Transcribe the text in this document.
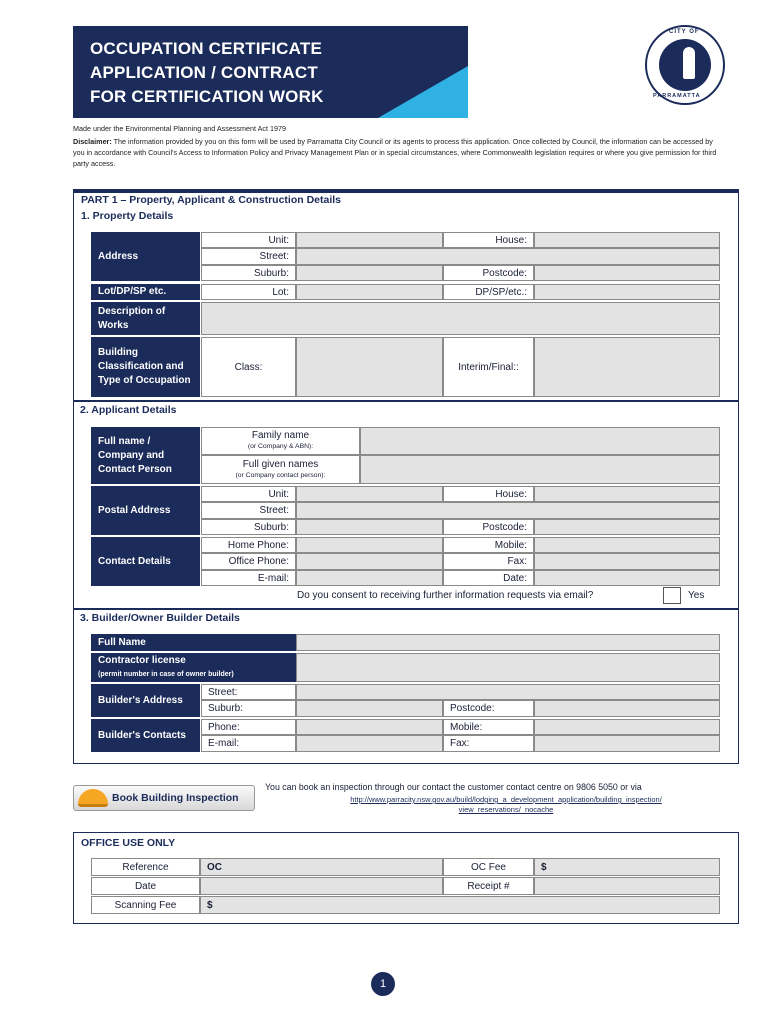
OCCUPATION CERTIFICATE
APPLICATION / CONTRACT
FOR CERTIFICATION WORK
CITY OF
PARRAMATTA
Made under the Environmental Planning and Assessment Act 1979
Disclaimer: The information provided by you on this form will be used by Parramatta City Council or its agents to process this application. Once collected by Council, the information can be accessed by you in accordance with Council's Access to Information Policy and Privacy Management Plan or in special circumstances, where Commonwealth legislation requires or where you give permission for third party access.
PART 1 – Property, Applicant & Construction Details
1. Property Details
Address
Unit:	House:
Street:
Suburb:	Postcode:
Lot/DP/SP etc.	Lot:	DP/SP/etc.:
Description of Works
Building Classification and Type of Occupation
Class:	Interim/Final::
2. Applicant Details
Full name / Company and Contact Person
Family name
(or Company & ABN):
Full given names
(or Company contact person):
Postal Address
Unit:	House:
Street:
Suburb:	Postcode:
Contact Details
Home Phone:	Mobile:
Office Phone:	Fax:
E-mail:	Date:
Do you consent to receiving further information requests via email?	Yes
3. Builder/Owner Builder Details
Full Name
Contractor license
(permit number in case of owner builder)
Builder's Address
Street:
Suburb:	Postcode:
Builder's Contacts
Phone:	Mobile:
E-mail:	Fax:
Book Building Inspection
You can book an inspection through our contact the customer contact centre on 9806 5050 or via
http://www.parracity.nsw.gov.au/build/lodging_a_development_application/building_inspection/
view_reservations/_nocache
OFFICE USE ONLY
Reference	OC	OC Fee	$
Date	Receipt #
Scanning Fee	$
1
